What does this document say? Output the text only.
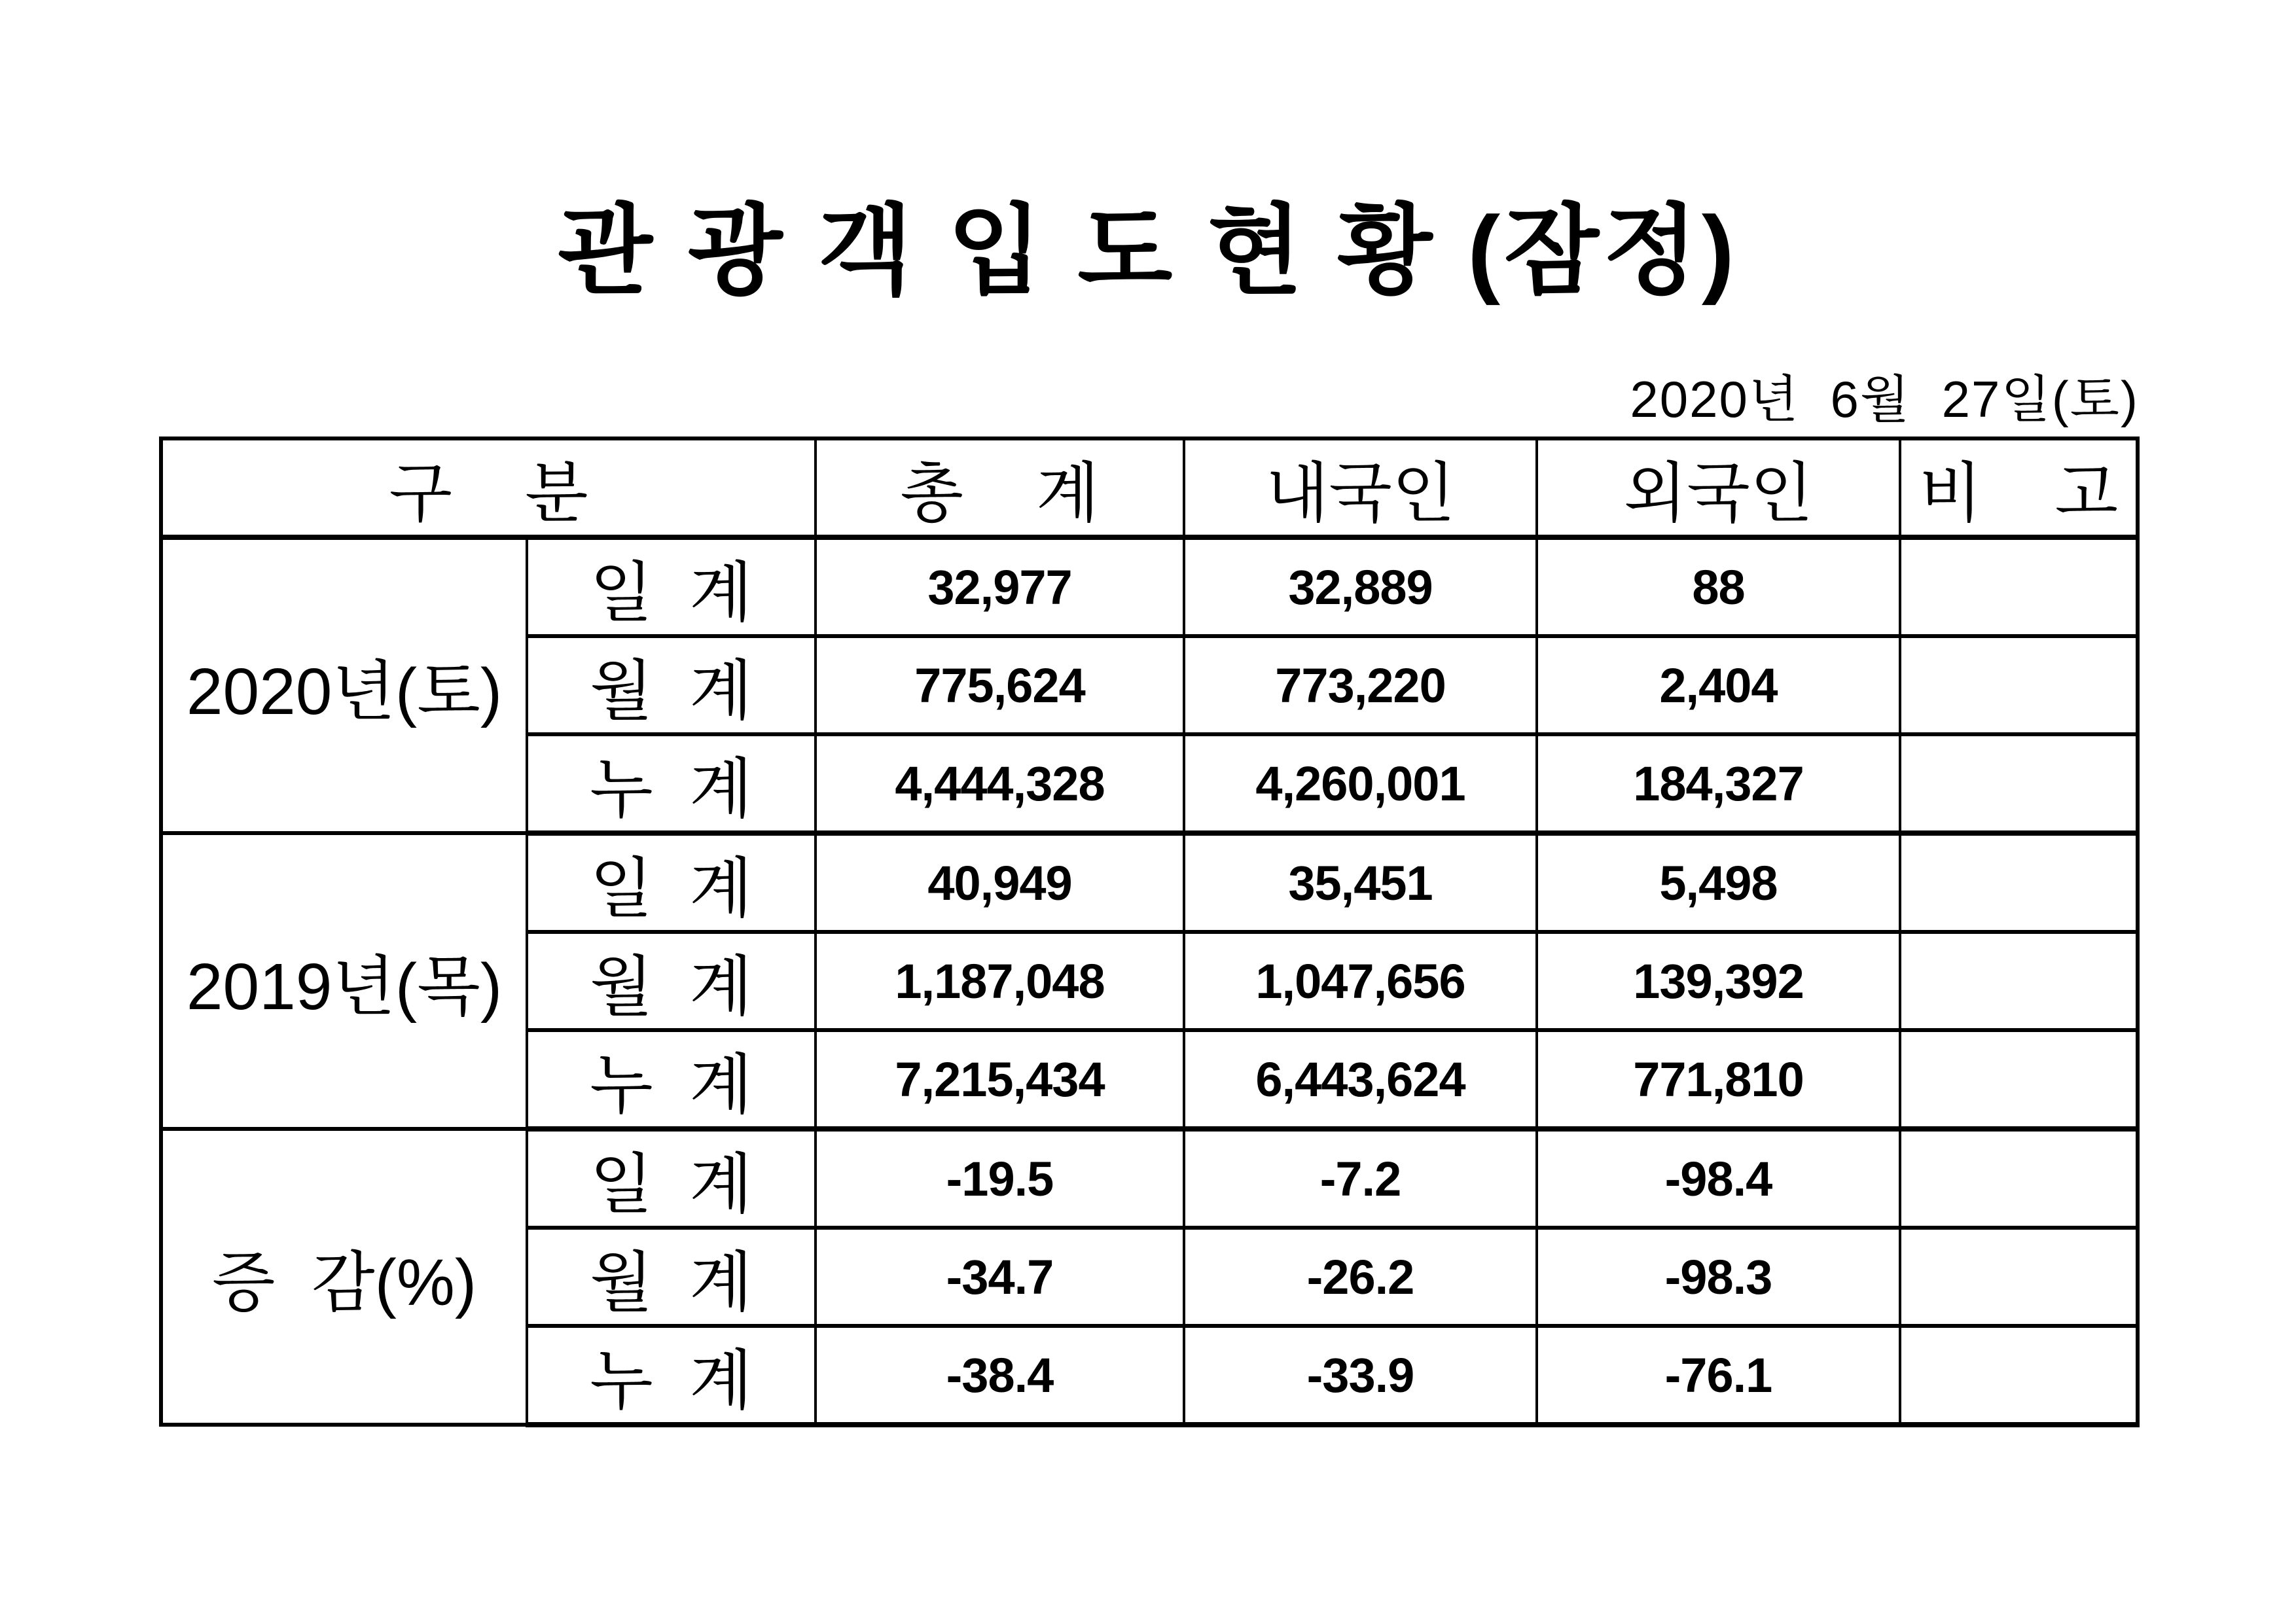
관 광 객 입 도 현 황 (잠정)
2020년  6월  27일(토)
구    분		총    계	내국인	외국인	비    고
2020년(토)	일  계	32,977	32,889	88	
	월  계	775,624	773,220	2,404	
	누  계	4,444,328	4,260,001	184,327	
2019년(목)	일  계	40,949	35,451	5,498	
	월  계	1,187,048	1,047,656	139,392	
	누  계	7,215,434	6,443,624	771,810	
증  감(%)	일  계	-19.5	-7.2	-98.4	
	월  계	-34.7	-26.2	-98.3	
	누  계	-38.4	-33.9	-76.1	
